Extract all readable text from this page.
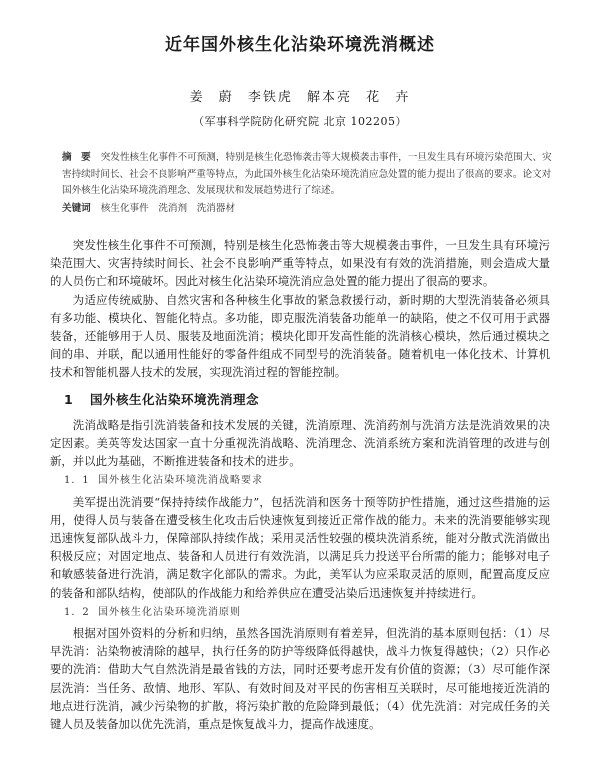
近年国外核生化沾染环境洗消概述
姜 蔚 李铁虎 解本亮 花 卉
（军事科学院防化研究院 北京 102205）
摘　要 突发性核生化事件不可预测，特别是核生化恐怖袭击等大规模袭击事件，一旦发生具有环境污染范围大、灾害持续时间长、社会不良影响严重等特点，为此国外核生化沾染环境洗消应急处置的能力提出了很高的要求。论文对国外核生化沾染环境洗消理念、发展现状和发展趋势进行了综述。
关键词 核生化事件　洗消剂　洗消器材

突发性核生化事件不可预测，特别是核生化恐怖袭击等大规模袭击事件，一旦发生具有环境污染范围大、灾害持续时间长、社会不良影响严重等特点，如果没有有效的洗消措施，则会造成大量的人员伤亡和环境破坏。因此对核生化沾染环境洗消应急处置的能力提出了很高的要求。

为适应传统威胁、自然灾害和各种核生化事故的紧急救援行动，新时期的大型洗消装备必须具有多功能、模块化、智能化特点。多功能，即克服洗消装备功能单一的缺陷，使之不仅可用于武器装备，还能够用于人员、服装及地面洗消；模块化即开发高性能的洗消核心模块，然后通过模块之间的串、并联，配以通用性能好的零备件组成不同型号的洗消装备。随着机电一体化技术、计算机技术和智能机器人技术的发展，实现洗消过程的智能控制。

1 国外核生化沾染环境洗消理念

洗消战略是指引洗消装备和技术发展的关键，洗消原理、洗消药剂与洗消方法是洗消效果的决定因素。美英等发达国家一直十分重视洗消战略、洗消理念、洗消系统方案和洗消管理的改进与创新，并以此为基础，不断推进装备和技术的进步。

1．1 国外核生化沾染环境洗消战略要求

美军提出洗消要“保持持续作战能力”，包括洗消和医务十预等防护性措施，通过这些措施的运用，使得人员与装备在遭受核生化攻击后快速恢复到接近正常作战的能力。未来的洗消要能够实现迅速恢复部队战斗力，保障部队持续作战；采用灵活性较强的模块洗消系统，能对分散式洗消做出积极反应；对固定地点、装备和人员进行有效洗消，以满足兵力投送平台所需的能力；能够对电子和敏感装备进行洗消，满足数字化部队的需求。为此，美军认为应采取灵活的原则，配置高度反应的装备和部队结构，使部队的作战能力和给养供应在遭受沾染后迅速恢复并持续进行。

1．2 国外核生化沾染环境洗消原则

根据对国外资料的分析和归纳，虽然各国洗消原则有着差异，但洗消的基本原则包括：（1）尽早洗消：沾染物被清除的越早，执行任务的防护等级降低得越快，战斗力恢复得越快；（2）只作必要的洗消：借助大气自然洗消是最省钱的方法，同时还要考虑开发有价值的资源；（3）尽可能作深层洗消：当任务、敌情、地形、军队、有效时间及对平民的伤害相互关联时，尽可能地接近洗消的地点进行洗消，减少污染物的扩散，将污染扩散的危险降到最低；（4）优先洗消：对完成任务的关键人员及装备加以优先洗消，重点是恢复战斗力，提高作战速度。
